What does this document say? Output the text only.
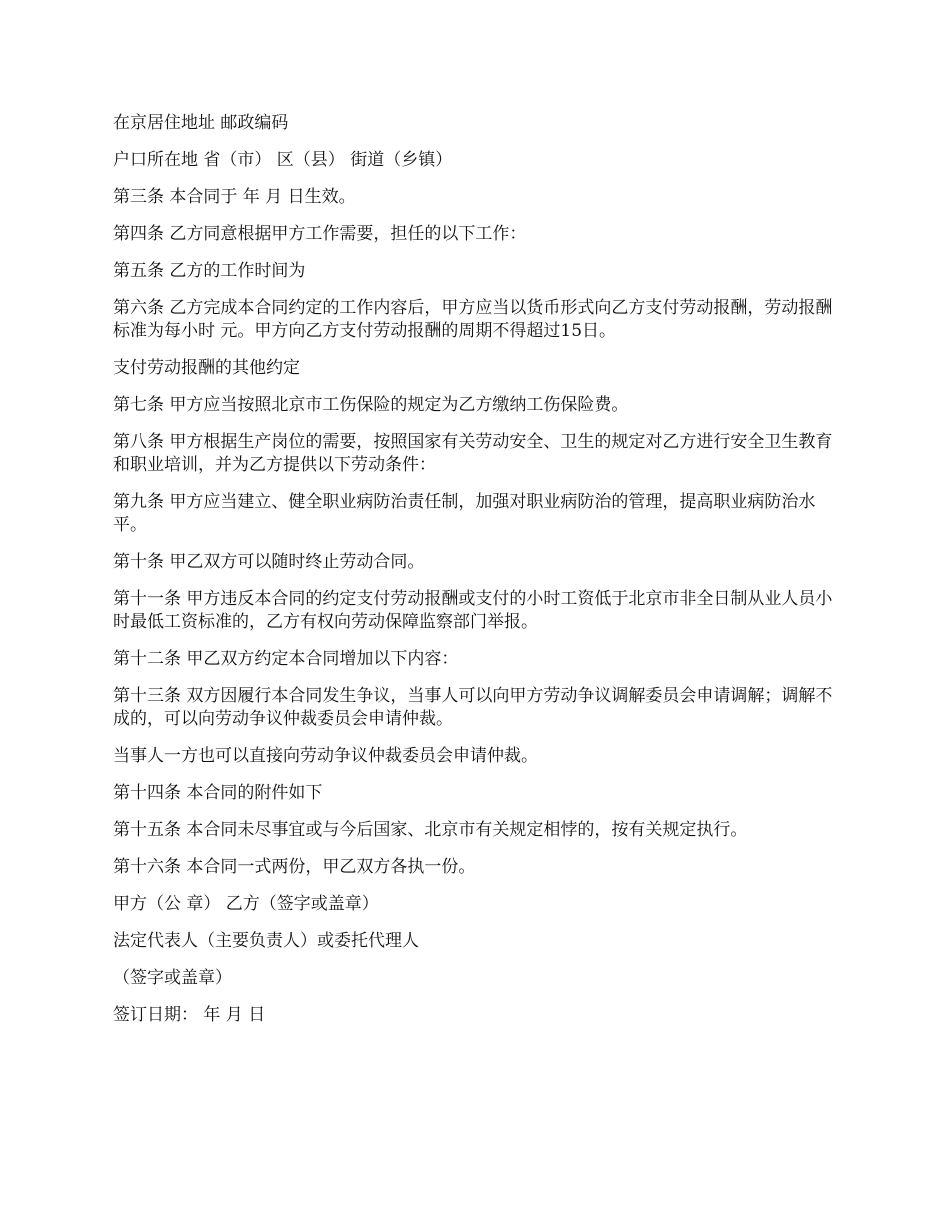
在京居住地址 邮政编码

户口所在地 省（市） 区（县） 街道（乡镇）

第三条 本合同于 年 月 日生效。

第四条 乙方同意根据甲方工作需要，担任的以下工作：

第五条 乙方的工作时间为

第六条 乙方完成本合同约定的工作内容后，甲方应当以货币形式向乙方支付劳动报酬，劳动报酬标准为每小时 元。甲方向乙方支付劳动报酬的周期不得超过15日。

支付劳动报酬的其他约定

第七条 甲方应当按照北京市工伤保险的规定为乙方缴纳工伤保险费。

第八条 甲方根据生产岗位的需要，按照国家有关劳动安全、卫生的规定对乙方进行安全卫生教育和职业培训，并为乙方提供以下劳动条件：

第九条 甲方应当建立、健全职业病防治责任制，加强对职业病防治的管理，提高职业病防治水平。

第十条 甲乙双方可以随时终止劳动合同。

第十一条 甲方违反本合同的约定支付劳动报酬或支付的小时工资低于北京市非全日制从业人员小时最低工资标准的，乙方有权向劳动保障监察部门举报。

第十二条 甲乙双方约定本合同增加以下内容：

第十三条 双方因履行本合同发生争议，当事人可以向甲方劳动争议调解委员会申请调解；调解不成的，可以向劳动争议仲裁委员会申请仲裁。

当事人一方也可以直接向劳动争议仲裁委员会申请仲裁。

第十四条 本合同的附件如下

第十五条 本合同未尽事宜或与今后国家、北京市有关规定相悖的，按有关规定执行。

第十六条 本合同一式两份，甲乙双方各执一份。

甲方（公 章） 乙方（签字或盖章）

法定代表人（主要负责人）或委托代理人

（签字或盖章）

签订日期： 年 月 日
